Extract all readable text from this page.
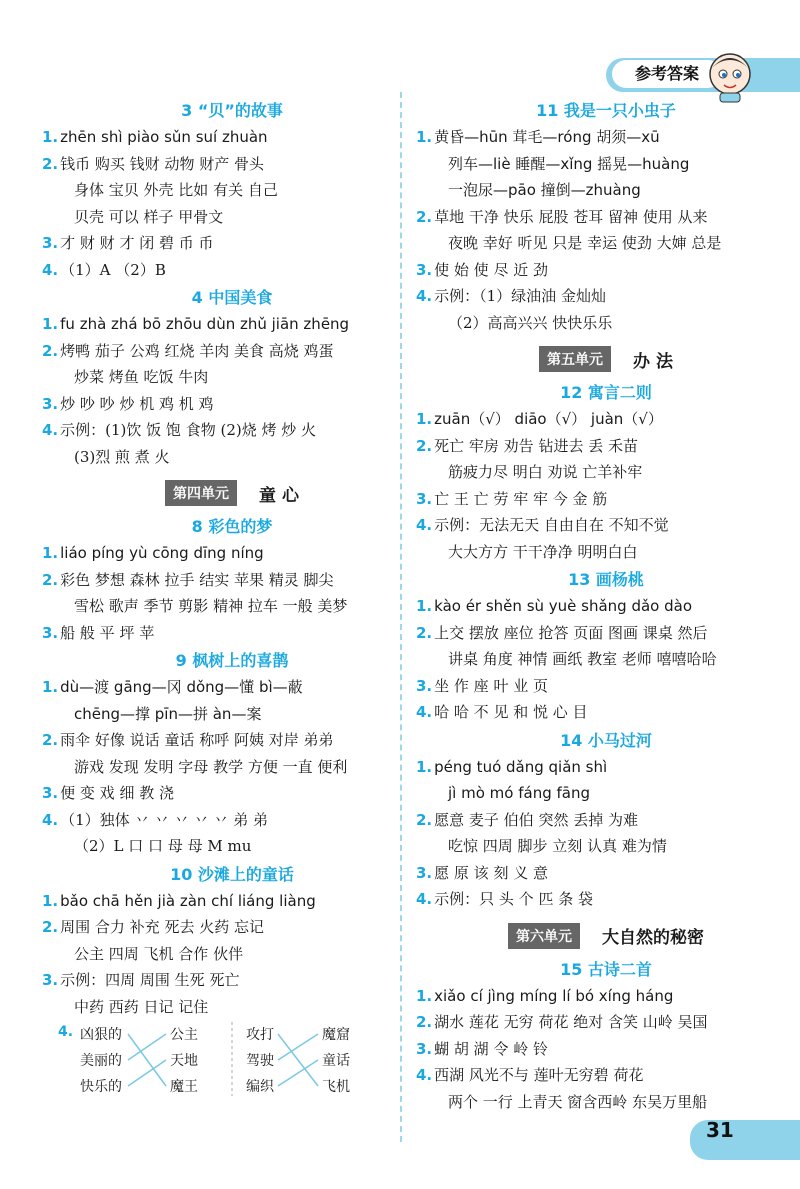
参考答案
3 “贝”的故事
1. zhēn shì piào sǔn suí zhuàn
2. 钱币 购买 钱财 动物 财产 骨头
身体 宝贝 外壳 比如 有关 自己
贝壳 可以 样子 甲骨文
3. 才 财 财 才 闭 碧 币 币
4. （1）A （2）B
4 中国美食
1. fu zhà zhá bō zhōu dùn zhǔ jiān zhēng
2. 烤鸭 茄子 公鸡 红烧 羊肉 美食 高烧 鸡蛋
炒菜 烤鱼 吃饭 牛肉
3. 炒 吵 吵 炒 机 鸡 机 鸡
4. 示例：(1)饮 饭 饱 食物 (2)烧 烤 炒 火
(3)烈 煎 煮 火
第四单元	童 心
8 彩色的梦
1. liáo píng yù cōng dīng níng
2. 彩色 梦想 森林 拉手 结实 苹果 精灵 脚尖
雪松 歌声 季节 剪影 精神 拉车 一般 美梦
3. 船 般 平 坪 苹
9 枫树上的喜鹊
1. dù—渡 gāng—冈 dǒng—懂 bì—蔽
chēng—撑 pīn—拼 àn—案
2. 雨伞 好像 说话 童话 称呼 阿姨 对岸 弟弟
游戏 发现 发明 字母 教学 方便 一直 便利
3. 便 变 戏 细 教 浇
4. （1）独体 丷 丷 丷 丷 丷 弟 弟
（2）L 口 口 母 母 M mu
10 沙滩上的童话
1. bǎo chā hěn jià zàn chí liáng liàng
2. 周围 合力 补充 死去 火药 忘记
公主 四周 飞机 合作 伙伴
3. 示例：四周 周围 生死 死亡
中药 西药 日记 记住
4. 凶狠的
美丽的
快乐的
公主
天地
魔王
攻打
驾驶
编织
魔窟
童话
飞机
11 我是一只小虫子
1. 黄昏—hūn 茸毛—róng 胡须—xū
列车—liè 睡醒—xǐng 摇晃—huàng
一泡尿—pāo 撞倒—zhuàng
2. 草地 干净 快乐 屁股 苍耳 留神 使用 从来
夜晚 幸好 听见 只是 幸运 使劲 大婶 总是
3. 使 始 使 尽 近 劲
4. 示例：（1）绿油油 金灿灿
（2）高高兴兴 快快乐乐
第五单元	办 法
12 寓言二则
1. zuān（√） diāo（√） juàn（√）
2. 死亡 牢房 劝告 钻进去 丢 禾苗
筋疲力尽 明白 劝说 亡羊补牢
3. 亡 王 亡 劳 牢 牢 今 金 筋
4. 示例：无法无天 自由自在 不知不觉
大大方方 干干净净 明明白白
13 画杨桃
1. kào ér shěn sù yuè shǎng dǎo dào
2. 上交 摆放 座位 抢答 页面 图画 课桌 然后
讲桌 角度 神情 画纸 教室 老师 嘻嘻哈哈
3. 坐 作 座 叶 业 页
4. 哈 哈 不 见 和 悦 心 目
14 小马过河
1. péng tuó dǎng qiǎn shì
jì mò mó fáng fāng
2. 愿意 麦子 伯伯 突然 丢掉 为难
吃惊 四周 脚步 立刻 认真 难为情
3. 愿 原 该 刻 义 意
4. 示例：只 头 个 匹 条 袋
第六单元	大自然的秘密
15 古诗二首
1. xiǎo cí jìng míng lí bó xíng háng
2. 湖水 莲花 无穷 荷花 绝对 含笑 山岭 吴国
3. 蝴 胡 湖 令 岭 铃
4. 西湖 风光不与 莲叶无穷碧 荷花
两个 一行 上青天 窗含西岭 东吴万里船
31
